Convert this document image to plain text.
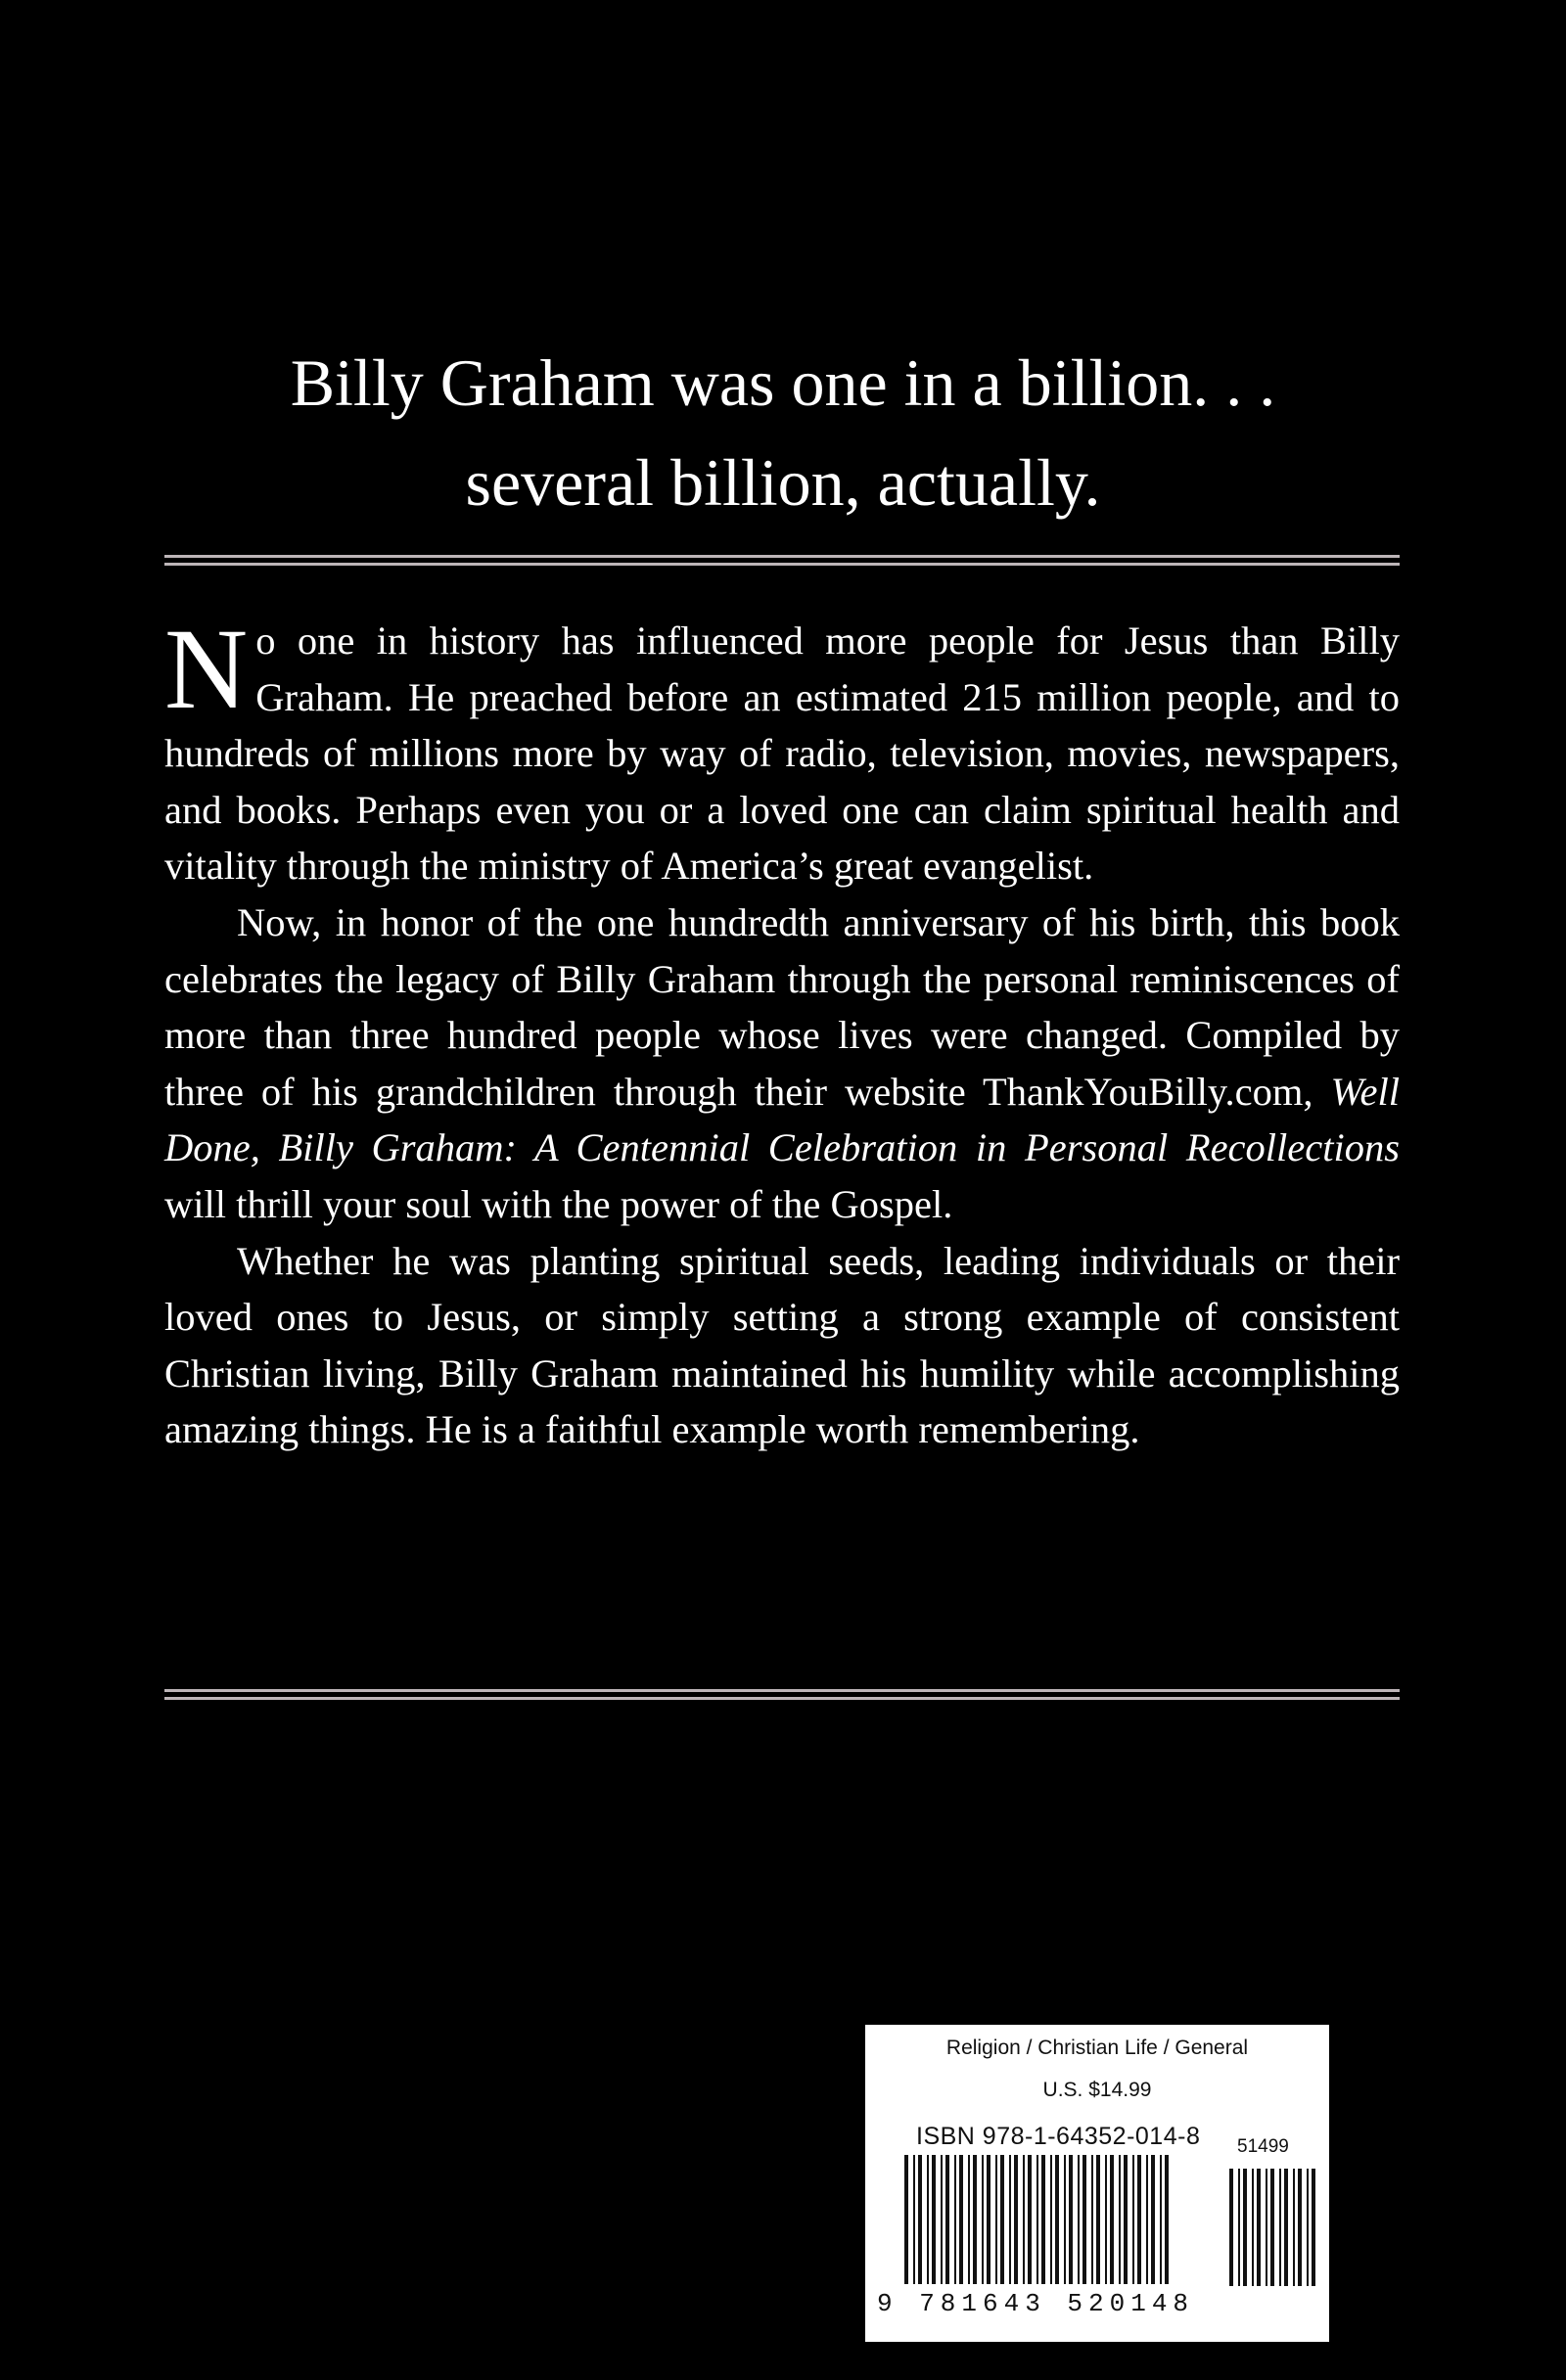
Billy Graham was one in a billion. . .
several billion, actually.

No one in history has influenced more people for Jesus than Billy Graham. He preached before an estimated 215 million people, and to hundreds of millions more by way of radio, television, movies, newspapers, and books. Perhaps even you or a loved one can claim spiritual health and vitality through the ministry of America’s great evangelist.

Now, in honor of the one hundredth anniversary of his birth, this book celebrates the legacy of Billy Graham through the personal reminiscences of more than three hundred people whose lives were changed. Compiled by three of his grandchildren through their website ThankYouBilly.com, Well Done, Billy Graham: A Centennial Celebration in Personal Recollections will thrill your soul with the power of the Gospel.

Whether he was planting spiritual seeds, leading individuals or their loved ones to Jesus, or simply setting a strong example of consistent Christian living, Billy Graham maintained his humility while accomplishing amazing things. He is a faithful example worth remembering.

Religion / Christian Life / General
U.S. $14.99
ISBN 978-1-64352-014-8 51499
9 781643 520148
